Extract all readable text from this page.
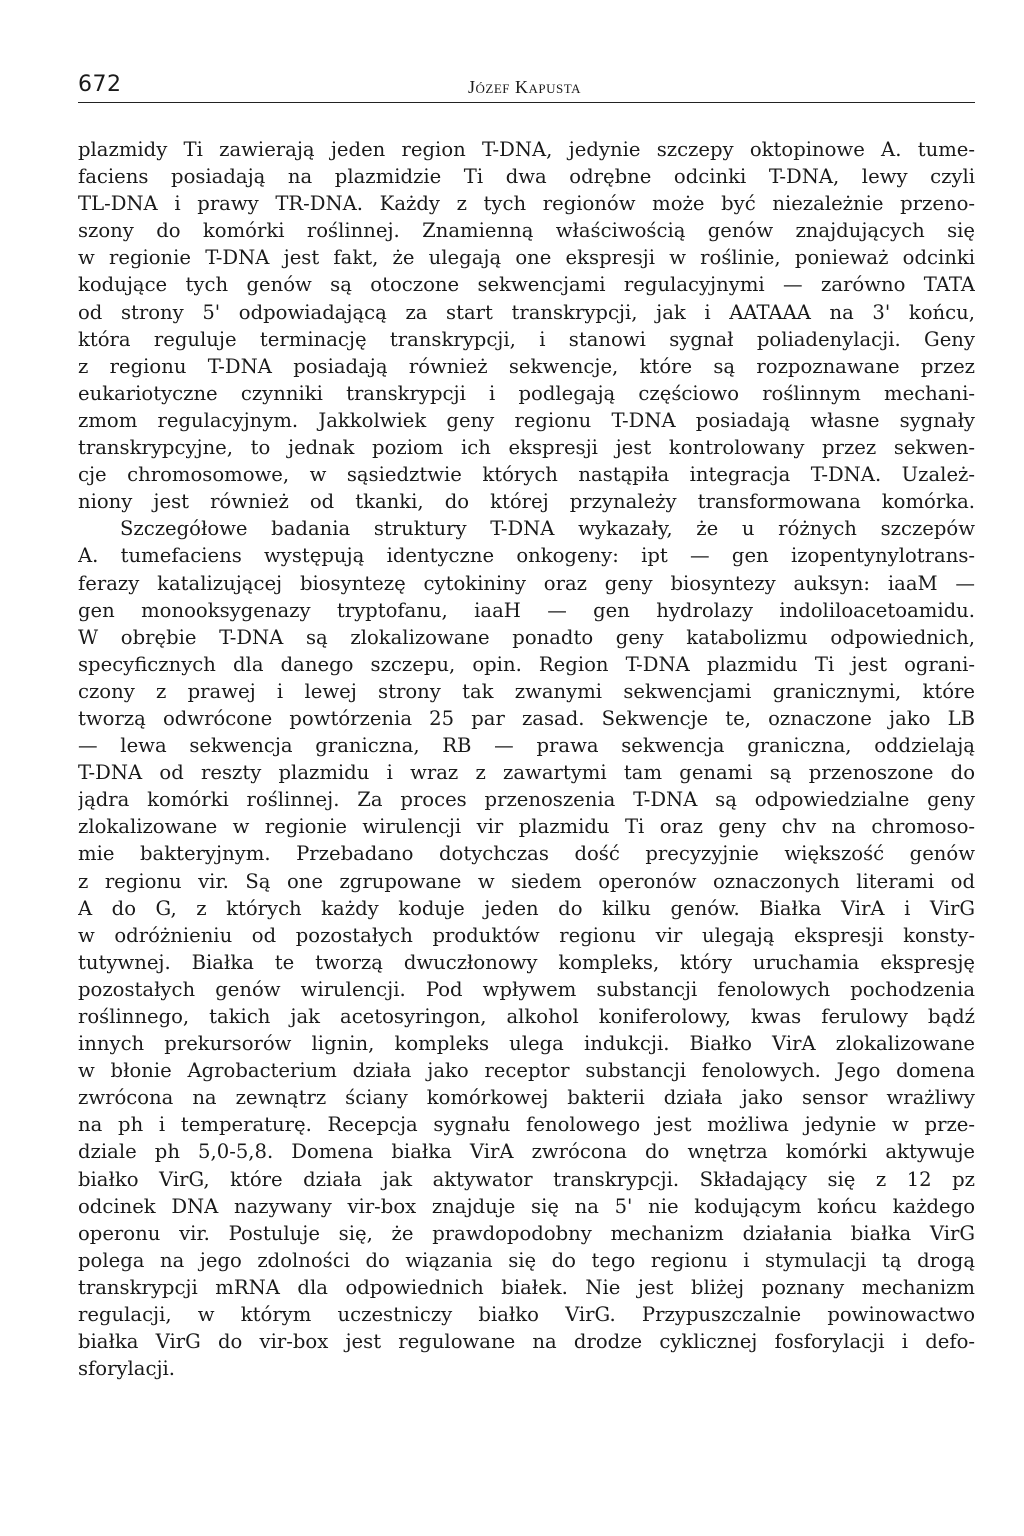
672	Józef Kapusta
plazmidy Ti zawierają jeden region T-DNA, jedynie szczepy oktopinowe A. tume-
faciens posiadają na plazmidzie Ti dwa odrębne odcinki T-DNA, lewy czyli
TL-DNA i prawy TR-DNA. Każdy z tych regionów może być niezależnie przeno-
szony do komórki roślinnej. Znamienną właściwością genów znajdujących się
w regionie T-DNA jest fakt, że ulegają one ekspresji w roślinie, ponieważ odcinki
kodujące tych genów są otoczone sekwencjami regulacyjnymi — zarówno TATA
od strony 5' odpowiadającą za start transkrypcji, jak i AATAAA na 3' końcu,
która reguluje terminację transkrypcji, i stanowi sygnał poliadenylacji. Geny
z regionu T-DNA posiadają również sekwencje, które są rozpoznawane przez
eukariotyczne czynniki transkrypcji i podlegają częściowo roślinnym mechani-
zmom regulacyjnym. Jakkolwiek geny regionu T-DNA posiadają własne sygnały
transkrypcyjne, to jednak poziom ich ekspresji jest kontrolowany przez sekwen-
cje chromosomowe, w sąsiedztwie których nastąpiła integracja T-DNA. Uzależ-
niony jest również od tkanki, do której przynależy transformowana komórka.
Szczegółowe badania struktury T-DNA wykazały, że u różnych szczepów
A. tumefaciens występują identyczne onkogeny: ipt — gen izopentynylotrans-
ferazy katalizującej biosyntezę cytokininy oraz geny biosyntezy auksyn: iaaM —
gen monooksygenazy tryptofanu, iaaH — gen hydrolazy indoliloacetoamidu.
W obrębie T-DNA są zlokalizowane ponadto geny katabolizmu odpowiednich,
specyficznych dla danego szczepu, opin. Region T-DNA plazmidu Ti jest ograni-
czony z prawej i lewej strony tak zwanymi sekwencjami granicznymi, które
tworzą odwrócone powtórzenia 25 par zasad. Sekwencje te, oznaczone jako LB
— lewa sekwencja graniczna, RB — prawa sekwencja graniczna, oddzielają
T-DNA od reszty plazmidu i wraz z zawartymi tam genami są przenoszone do
jądra komórki roślinnej. Za proces przenoszenia T-DNA są odpowiedzialne geny
zlokalizowane w regionie wirulencji vir plazmidu Ti oraz geny chv na chromoso-
mie bakteryjnym. Przebadano dotychczas dość precyzyjnie większość genów
z regionu vir. Są one zgrupowane w siedem operonów oznaczonych literami od
A do G, z których każdy koduje jeden do kilku genów. Białka VirA i VirG
w odróżnieniu od pozostałych produktów regionu vir ulegają ekspresji konsty-
tutywnej. Białka te tworzą dwuczłonowy kompleks, który uruchamia ekspresję
pozostałych genów wirulencji. Pod wpływem substancji fenolowych pochodzenia
roślinnego, takich jak acetosyringon, alkohol koniferolowy, kwas ferulowy bądź
innych prekursorów lignin, kompleks ulega indukcji. Białko VirA zlokalizowane
w błonie Agrobacterium działa jako receptor substancji fenolowych. Jego domena
zwrócona na zewnątrz ściany komórkowej bakterii działa jako sensor wrażliwy
na ph i temperaturę. Recepcja sygnału fenolowego jest możliwa jedynie w prze-
dziale ph 5,0-5,8. Domena białka VirA zwrócona do wnętrza komórki aktywuje
białko VirG, które działa jak aktywator transkrypcji. Składający się z 12 pz
odcinek DNA nazywany vir-box znajduje się na 5' nie kodującym końcu każdego
operonu vir. Postuluje się, że prawdopodobny mechanizm działania białka VirG
polega na jego zdolności do wiązania się do tego regionu i stymulacji tą drogą
transkrypcji mRNA dla odpowiednich białek. Nie jest bliżej poznany mechanizm
regulacji, w którym uczestniczy białko VirG. Przypuszczalnie powinowactwo
białka VirG do vir-box jest regulowane na drodze cyklicznej fosforylacji i defo-
sforylacji.
